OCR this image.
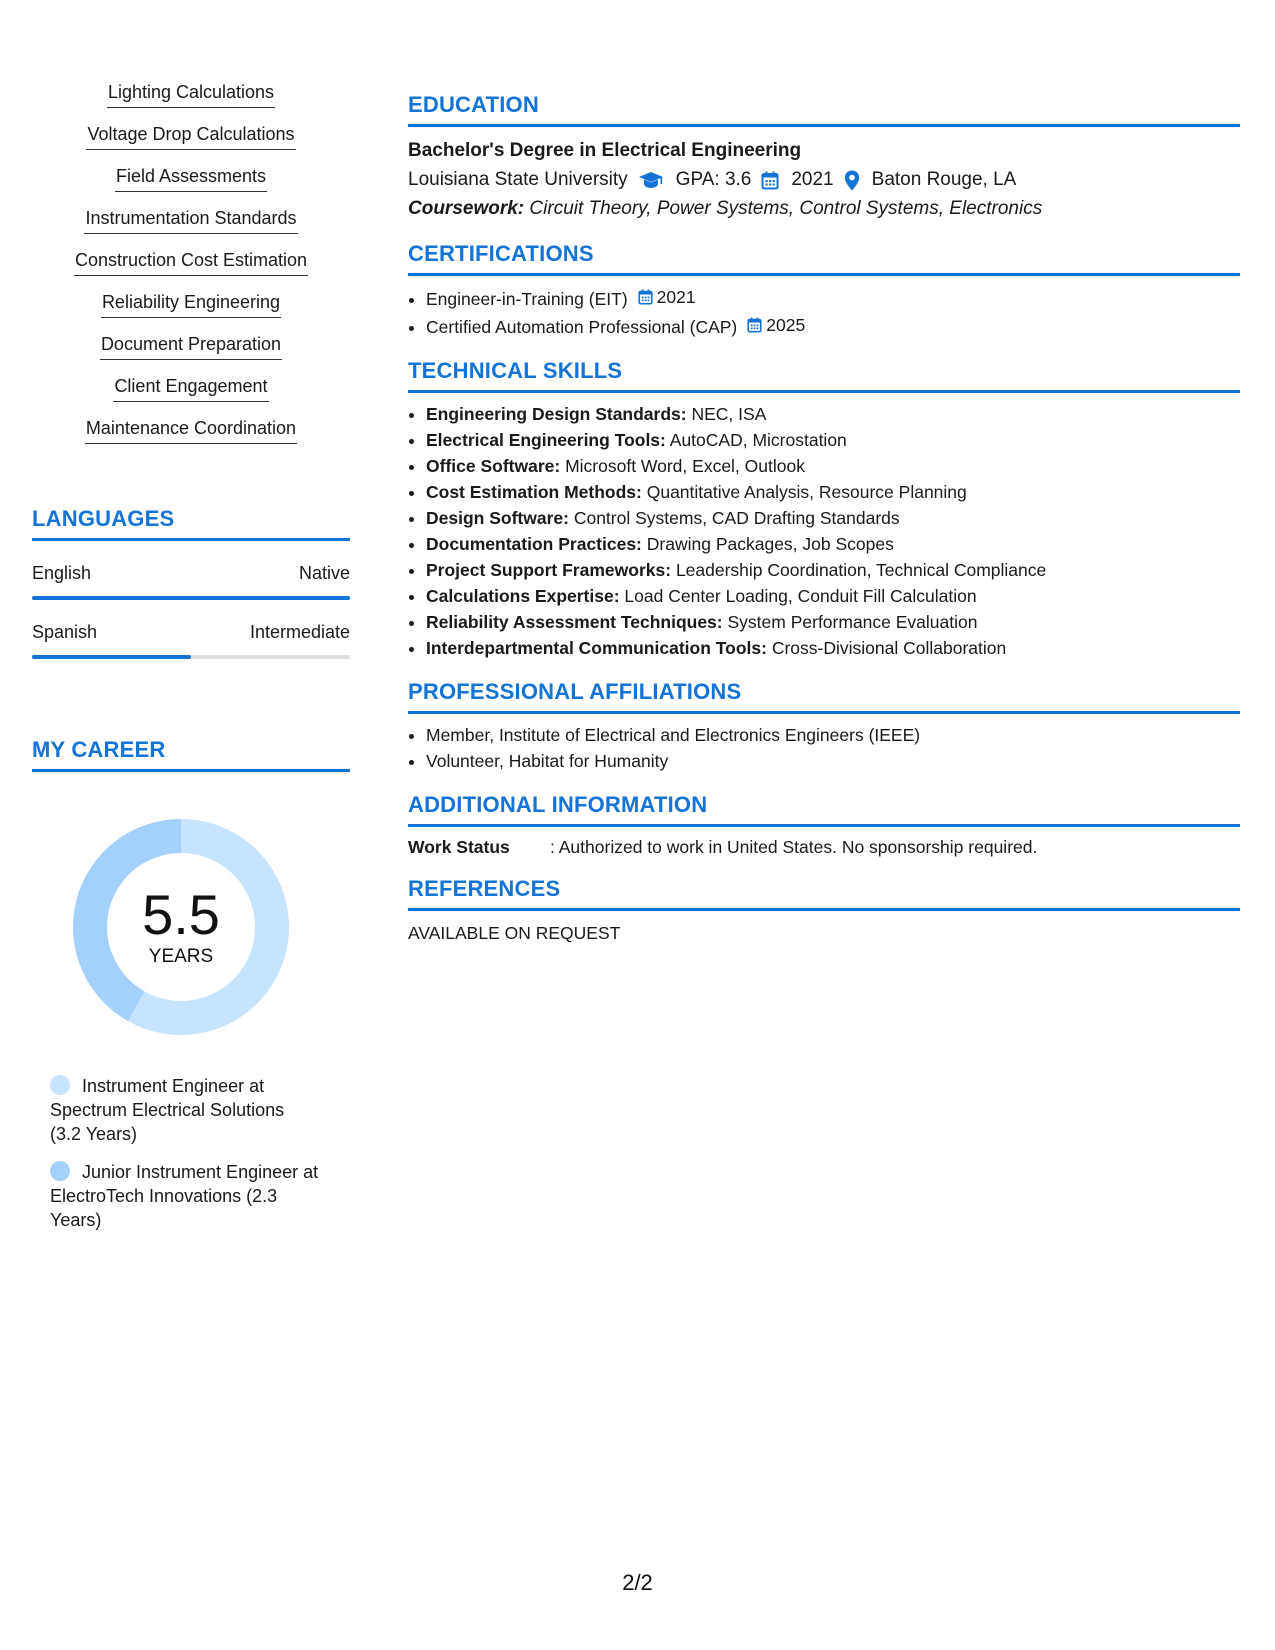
Lighting Calculations
Voltage Drop Calculations
Field Assessments
Instrumentation Standards
Construction Cost Estimation
Reliability Engineering
Document Preparation
Client Engagement
Maintenance Coordination
LANGUAGES
English	Native
Spanish	Intermediate
MY CAREER
5.5
YEARS
Instrument Engineer at Spectrum Electrical Solutions (3.2 Years)
Junior Instrument Engineer at ElectroTech Innovations (2.3 Years)
EDUCATION
Bachelor's Degree in Electrical Engineering
Louisiana State University	GPA: 3.6 2021 Baton Rouge, LA
Coursework: Circuit Theory, Power Systems, Control Systems, Electronics
CERTIFICATIONS
• Engineer-in-Training (EIT) 2021
• Certified Automation Professional (CAP) 2025
TECHNICAL SKILLS
• Engineering Design Standards: NEC, ISA
• Electrical Engineering Tools: AutoCAD, Microstation
• Office Software: Microsoft Word, Excel, Outlook
• Cost Estimation Methods: Quantitative Analysis, Resource Planning
• Design Software: Control Systems, CAD Drafting Standards
• Documentation Practices: Drawing Packages, Job Scopes
• Project Support Frameworks: Leadership Coordination, Technical Compliance
• Calculations Expertise: Load Center Loading, Conduit Fill Calculation
• Reliability Assessment Techniques: System Performance Evaluation
• Interdepartmental Communication Tools: Cross-Divisional Collaboration
PROFESSIONAL AFFILIATIONS
• Member, Institute of Electrical and Electronics Engineers (IEEE)
• Volunteer, Habitat for Humanity
ADDITIONAL INFORMATION
Work Status	: Authorized to work in United States. No sponsorship required.
REFERENCES
AVAILABLE ON REQUEST
2/2
